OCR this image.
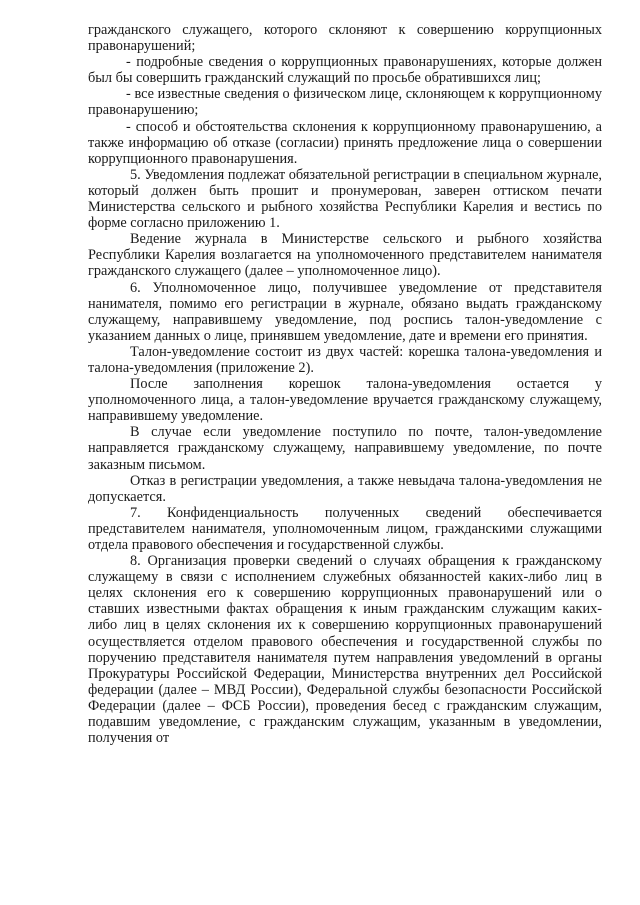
гражданского служащего, которого склоняют к совершению коррупционных правонарушений;

- подробные сведения о коррупционных правонарушениях, которые должен был бы совершить гражданский служащий по просьбе обратившихся лиц;

- все известные сведения о физическом лице, склоняющем к коррупционному правонарушению;

- способ и обстоятельства склонения к коррупционному правонарушению, а также информацию об отказе (согласии) принять предложение лица о совершении коррупционного правонарушения.

5. Уведомления подлежат обязательной регистрации в специальном журнале, который должен быть прошит и пронумерован, заверен оттиском печати Министерства сельского и рыбного хозяйства Республики Карелия и вестись по форме согласно приложению 1.

Ведение журнала в Министерстве сельского и рыбного хозяйства Республики Карелия возлагается на уполномоченного представителем нанимателя гражданского служащего (далее – уполномоченное лицо).

6. Уполномоченное лицо, получившее уведомление от представителя нанимателя, помимо его регистрации в журнале, обязано выдать гражданскому служащему, направившему уведомление, под роспись талон-уведомление с указанием данных о лице, принявшем уведомление, дате и времени его принятия.

Талон-уведомление состоит из двух частей: корешка талона-уведомления и талона-уведомления (приложение 2).

После заполнения корешок талона-уведомления остается у уполномоченного лица, а талон-уведомление вручается гражданскому служащему, направившему уведомление.

В случае если уведомление поступило по почте, талон-уведомление направляется гражданскому служащему, направившему уведомление, по почте заказным письмом.

Отказ в регистрации уведомления, а также невыдача талона-уведомления не допускается.

7. Конфиденциальность полученных сведений обеспечивается представителем нанимателя, уполномоченным лицом, гражданскими служащими отдела правового обеспечения и государственной службы.

8. Организация проверки сведений о случаях обращения к гражданскому служащему в связи с исполнением служебных обязанностей каких-либо лиц в целях склонения его к совершению коррупционных правонарушений или о ставших известными фактах обращения к иным гражданским служащим каких-либо лиц в целях склонения их к совершению коррупционных правонарушений осуществляется отделом правового обеспечения и государственной службы по поручению представителя нанимателя путем направления уведомлений в органы Прокуратуры Российской Федерации, Министерства внутренних дел Российской федерации (далее – МВД России), Федеральной службы безопасности Российской Федерации (далее – ФСБ России), проведения бесед с гражданским служащим, подавшим уведомление, с гражданским служащим, указанным в уведомлении, получения от
